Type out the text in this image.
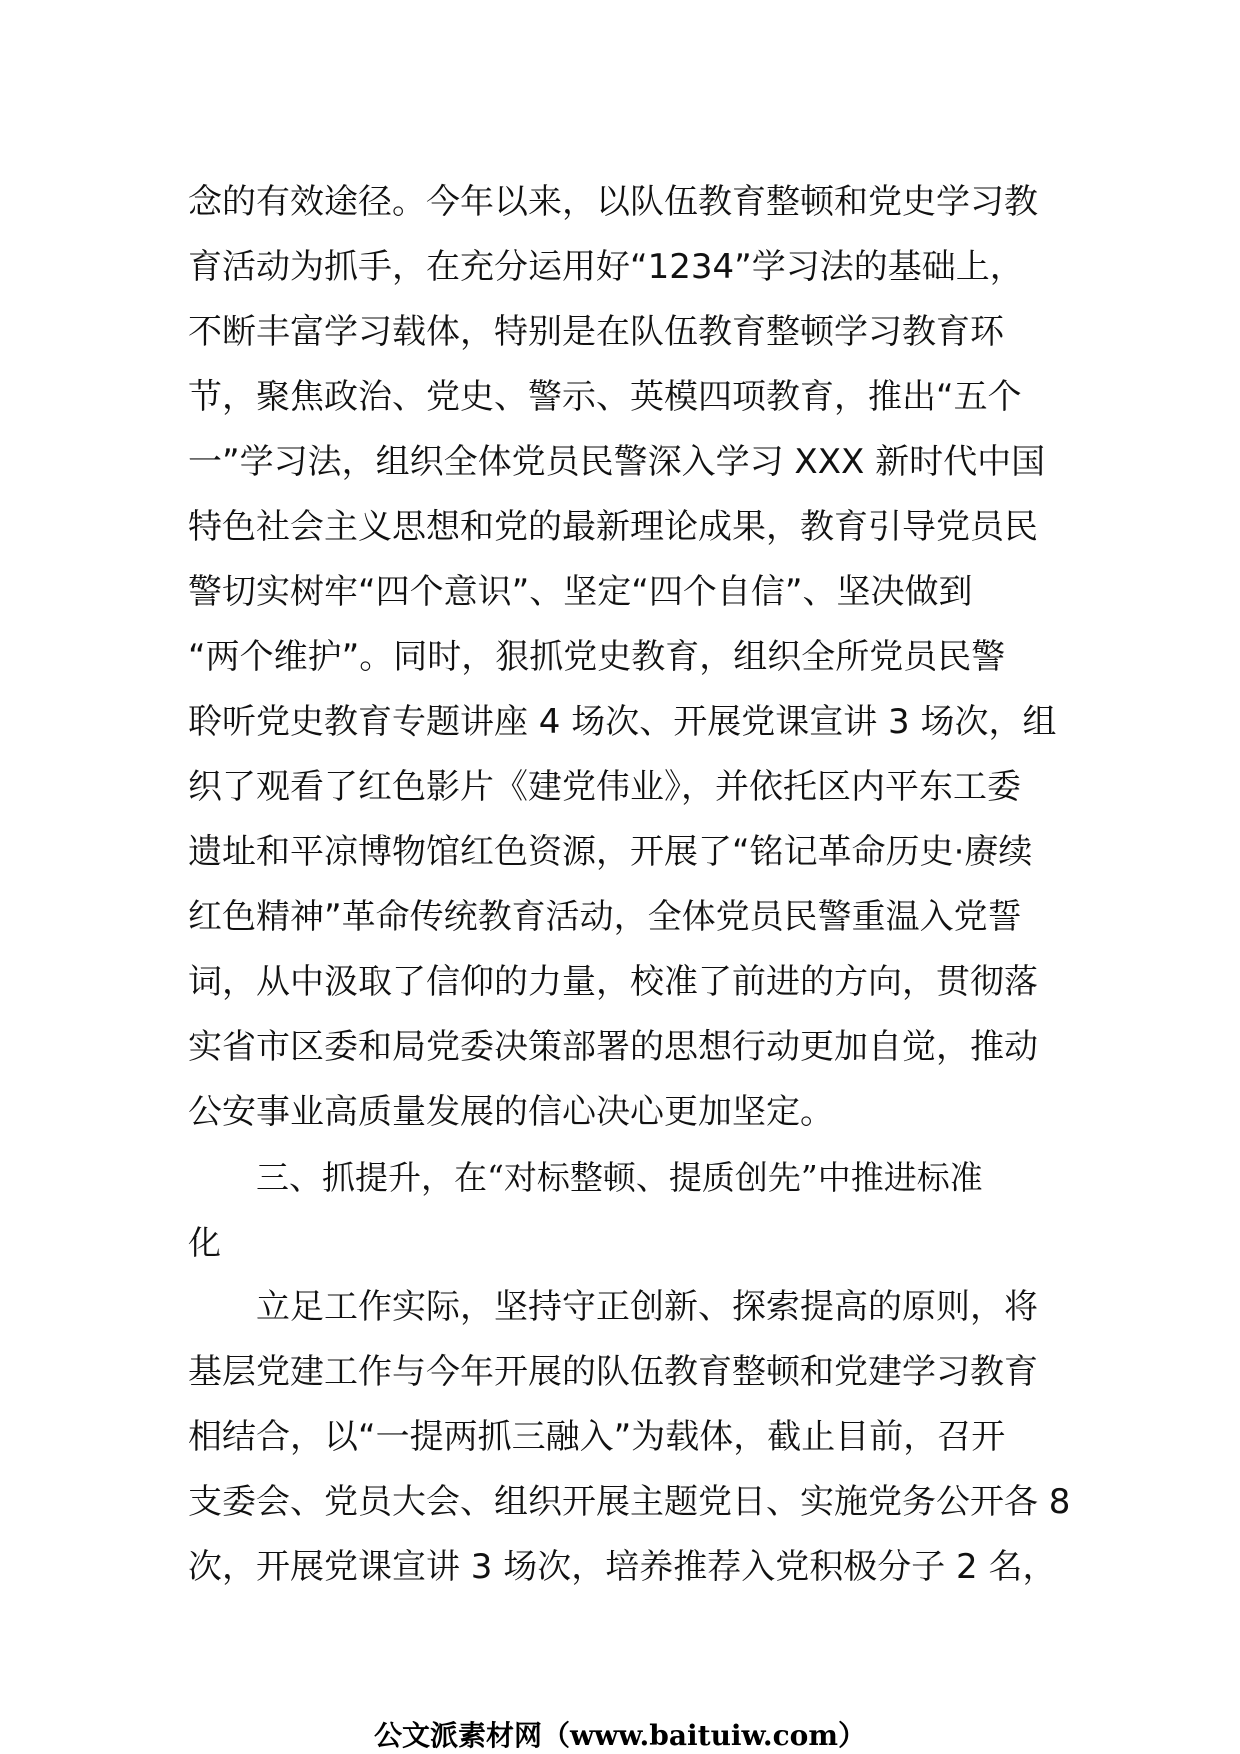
念的有效途径。今年以来，以队伍教育整顿和党史学习教
育活动为抓手，在充分运用好“1234”学习法的基础上，
不断丰富学习载体，特别是在队伍教育整顿学习教育环
节，聚焦政治、党史、警示、英模四项教育，推出“五个
一”学习法，组织全体党员民警深入学习 XXX 新时代中国
特色社会主义思想和党的最新理论成果，教育引导党员民
警切实树牢“四个意识”、坚定“四个自信”、坚决做到
“两个维护”。同时，狠抓党史教育，组织全所党员民警
聆听党史教育专题讲座 4 场次、开展党课宣讲 3 场次，组
织了观看了红色影片《建党伟业》，并依托区内平东工委
遗址和平凉博物馆红色资源，开展了“铭记革命历史·赓续
红色精神”革命传统教育活动，全体党员民警重温入党誓
词，从中汲取了信仰的力量，校准了前进的方向，贯彻落
实省市区委和局党委决策部署的思想行动更加自觉，推动
公安事业高质量发展的信心决心更加坚定。
三、抓提升，在“对标整顿、提质创先”中推进标准
化
立足工作实际，坚持守正创新、探索提高的原则，将
基层党建工作与今年开展的队伍教育整顿和党建学习教育
相结合，以“一提两抓三融入”为载体，截止目前，召开
支委会、党员大会、组织开展主题党日、实施党务公开各 8
次，开展党课宣讲 3 场次，培养推荐入党积极分子 2 名，
公文派素材网（www.baituiw.com）
